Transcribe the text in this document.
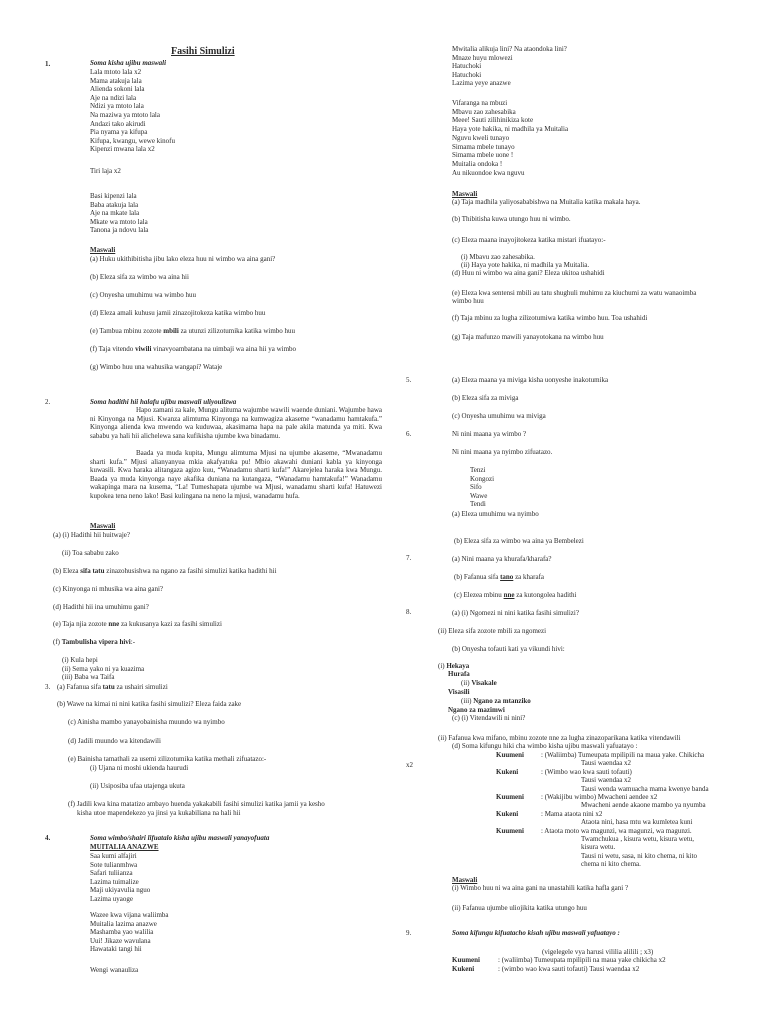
Fasihi Simulizi
1.	Soma kisha ujibu maswali
Lala mtoto lala x2
Mama atakuja lala
Alienda sokoni lala
Aje na ndizi lala
Ndizi ya mtoto lala
Na maziwa ya mtoto lala
Andazi tako akirudi
Pia nyama ya kifupa
Kifupa, kwangu, wewe kinofu
Kipenzi mwana lala x2
Tiri laja x2
Basi kipenzi lala
Baba atakuja lala
Aje na mkate lala
Mkate wa mtoto lala
Tanona ja ndovu lala
Maswali
(a) Huku ukithibitisha jibu lako eleza huu ni wimbo wa aina gani?
(b) Eleza sifa za wimbo wa aina hii
(c) Onyesha umuhimu wa wimbo huu
(d) Eleza amali kuhusu jamii zinazojitokeza katika wimbo huu
(e) Tambua mbinu zozote mbili za utunzi zilizotumika katika wimbo huu
(f) Taja vitendo viwili vinavyoambatana na uimbaji wa aina hii ya wimbo
(g) Wimbo huu una wahusika wangapi? Wataje
2.	Soma hadithi hii halafu ujibu maswali uliyoulizwa
Hapo zamani za kale, Mungu alituma wajumbe wawili waende duniani. Wajumbe hawa ni Kinyonga na Mjusi. Kwanza alimtuma Kinyonga na kumwagiza akaseme “wanadamu hamtakufa.” Kinyonga alienda kwa mwendo wa kuduwaa, akasimama hapa na pale akila matunda ya miti. Kwa sababu ya hali hii alichelewa sana kufikisha ujumbe kwa binadamu.
Baada ya muda kupita, Mungu alimtuma Mjusi na ujumbe akaseme, “Mwanadamu sharti kufa.” Mjusi alianyanyua mkia akafyatuka pu! Mbio akawahi duniani kabla ya kinyonga kuwasili. Kwa haraka alitangaza agizo kuu, “Wanadamu sharti kufa!” Akarejelea haraka kwa Mungu. Baada ya muda kinyonga naye akafika duniana na kutangaza, “Wanadamu hamtakufa!” Wanadamu wakapinga mara na kusema, “La! Tumeshapata ujumbe wa Mjusi, wanadamu sharti kufa! Hatuwezi kupokea tena neno lako! Basi kulingana na neno la mjusi, wanadamu hufa.
Maswali
(a) (i) Hadithi hii huitwaje?
(ii) Toa sababu zako
(b) Eleza sifa tatu zinazohusishwa na ngano za fasihi simulizi katika hadithi hii
(c) Kinyonga ni mhusika wa aina gani?
(d) Hadithi hii ina umuhimu gani?
(e) Taja njia zozote nne za kukusanya kazi za fasihi simulizi
(f) Tambulisha vipera hivi:-
(i) Kula hepi
(ii) Sema yako ni ya kuazima
(iii) Baba wa Taifa
3. (a) Fafanua sifa tatu za ushairi simulizi
(b) Wawe na kimai ni nini katika fasihi simulizi? Eleza faida zake
(c) Ainisha mambo yanayobainisha muundo wa nyimbo
(d) Jadili muundo wa kitendawili
(e) Bainisha tamathali za usemi zilizotumika katika methali zifuatazo:-
(i) Ujana ni moshi ukienda haurudi
(ii) Usiposiba ufaa utajenga ukuta
(f) Jadili kwa kina matatizo ambayo huenda yakakabili fasihi simulizi katika jamii ya kesho
kisha utoe mapendekezo ya jinsi ya kukabiliana na hali hii
4.	Soma wimbo/shairi lifuatalo kisha ujibu maswali yanayofuata
MUITALIA ANAZWE
Saa kumi alfajiri
Sote tulianmhwa
Safari tuliianza
Lazima tuimalize
Maji ukiyavulia nguo
Lazima uyaoge
Wazee kwa vijana waliimba
Muitalia lazima anazwe
Mashamba yao walilia
Uui! Jikaze wavulana
Hawataki tangi hii
Wengi wanauliza
Mwitalia alikuja lini? Na ataondoka lini?
Mnaze huyu mlowezi
Hatuchoki
Hatuchoki
Lazima yeye anazwe
Vifaranga na mbuzi
Mbavu zao zahesabika
Meee! Sauti zilihinikiza kote
Haya yote hakika, ni madhila ya Muitalia
Nguvu kweli tunayo
Simama mbele tunayo
Simama mbele uone !
Muitalia ondoka !
Au nikuondoe kwa nguvu
Maswali
(a) Taja madhila yaliyosababishwa na Muitalia katika makala haya.
(b) Thibitisha kuwa utungo huu ni wimbo.
(c) Eleza maana inayojitokeza katika mistari ifuatayo:-
(i) Mbavu zao zahesabika.
(ii) Haya yote hakika, ni madhila ya Muitalia.
(d) Huu ni wimbo wa aina gani? Eleza ukitoa ushahidi
(e) Eleza kwa sentensi mbili au tatu shughuli muhimu za kiuchumi za watu wanaoimba
wimbo huu
(f) Taja mbinu za lugha zilizotumiwa katika wimbo huu. Toa ushahidi
(g) Taja mafunzo mawili yanayotokana na wimbo huu
5.	(a) Eleza maana ya miviga kisha uonyeshe inakotumika
(b) Eleza sifa za miviga
(c) Onyesha umuhimu wa miviga
6.	Ni nini maana ya wimbo ?
Ni nini maana ya nyimbo zifuatazo.
Tenzi
Kongozi
Sifo
Wawe
Tendi
(a) Eleza umuhimu wa nyimbo
(b) Eleza sifa za wimbo wa aina ya Bembelezi
7.	(a) Nini maana ya khurafa/kharafa?
(b) Fafanua sifa tano za kharafa
(c) Elezea mbinu nne za kutongolea hadithi
8.	(a) (i) Ngomezi ni nini katika fasihi simulizi?
(ii) Eleza sifa zozote mbili za ngomezi
(b) Onyesha tofauti kati ya vikundi hivi:
(i) Hekaya
Hurafa
(ii) Visakale
Visasili
(iii) Ngano za mtanziko
Ngano za mazimwi
(c) (i) Vitendawili ni nini?
(ii) Fafanua kwa mifano, mbinu zozote nne za lugha zinazoparikana katika vitendawili
(d) Soma kifungu hiki cha wimbo kisha ujibu maswali yafuatayo :
x2
Kuumeni : (Waliimba) Tumeupata mpilipili na maua yake. Chikicha
Tausi waendaa x2
Kukeni	: (Wimbo wao kwa sauti tofauti)
Tausi waendaa x2
Tausi wenda wamuacha mama kwenye banda
Kuumeni : (Wakijibu wimbo) Mwacheni aendee x2
Mwacheni aende akaone mambo ya nyumba
Kukeni	: Mama ataota nini x2
Ataota nini, hasa mtu wa kumletea kuni
Kuumeni : Ataota moto wa magunzi, wa magunzi, wa magunzi.
Twamchukua , kisura wetu, kisura wetu,
kisura wetu.
Tausi ni wetu, sasa, ni kito chema, ni kito
chema ni kito chema.
Maswali
(i) Wimbo huu ni wa aina gani na unastahili katika hafla gani ?
(ii) Fafanua ujumbe uliojikita katika utungo huu
9.	Soma kifungu kifuatacho kisah ujibu maswali yafuatayo :
(vigelegele vya harusi vililia alilili ; x3)
Kuumeni	: (waliimba) Tumeupata mpilipili na maua yake chikicha x2
Kukeni	: (wimbo wao kwa sauti tofauti) Tausi waendaa x2
